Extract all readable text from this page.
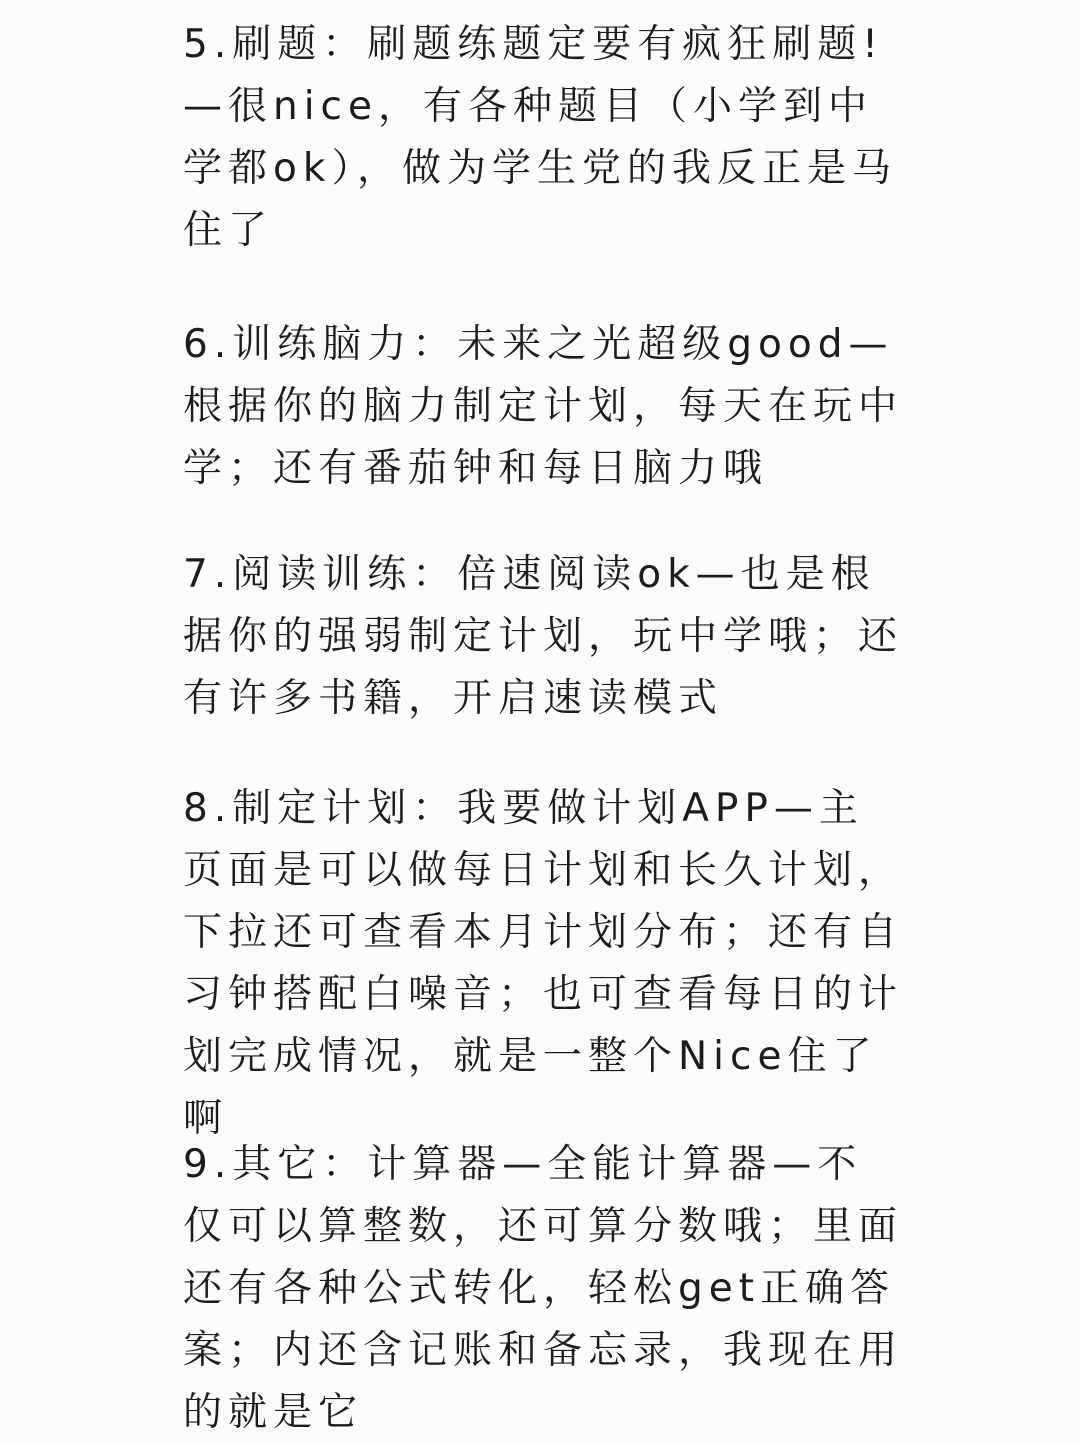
5.刷题：刷题练题定要有疯狂刷题!—很nice，有各种题目（小学到中学都ok），做为学生党的我反正是马住了

6.训练脑力：未来之光超级good—根据你的脑力制定计划，每天在玩中学；还有番茄钟和每日脑力哦

7.阅读训练：倍速阅读ok—也是根据你的强弱制定计划，玩中学哦；还有许多书籍，开启速读模式

8.制定计划：我要做计划APP—主页面是可以做每日计划和长久计划，下拉还可查看本月计划分布；还有自习钟搭配白噪音；也可查看每日的计划完成情况，就是一整个Nice住了啊

9.其它：计算器—全能计算器—不仅可以算整数，还可算分数哦；里面还有各种公式转化，轻松get正确答案；内还含记账和备忘录，我现在用的就是它
